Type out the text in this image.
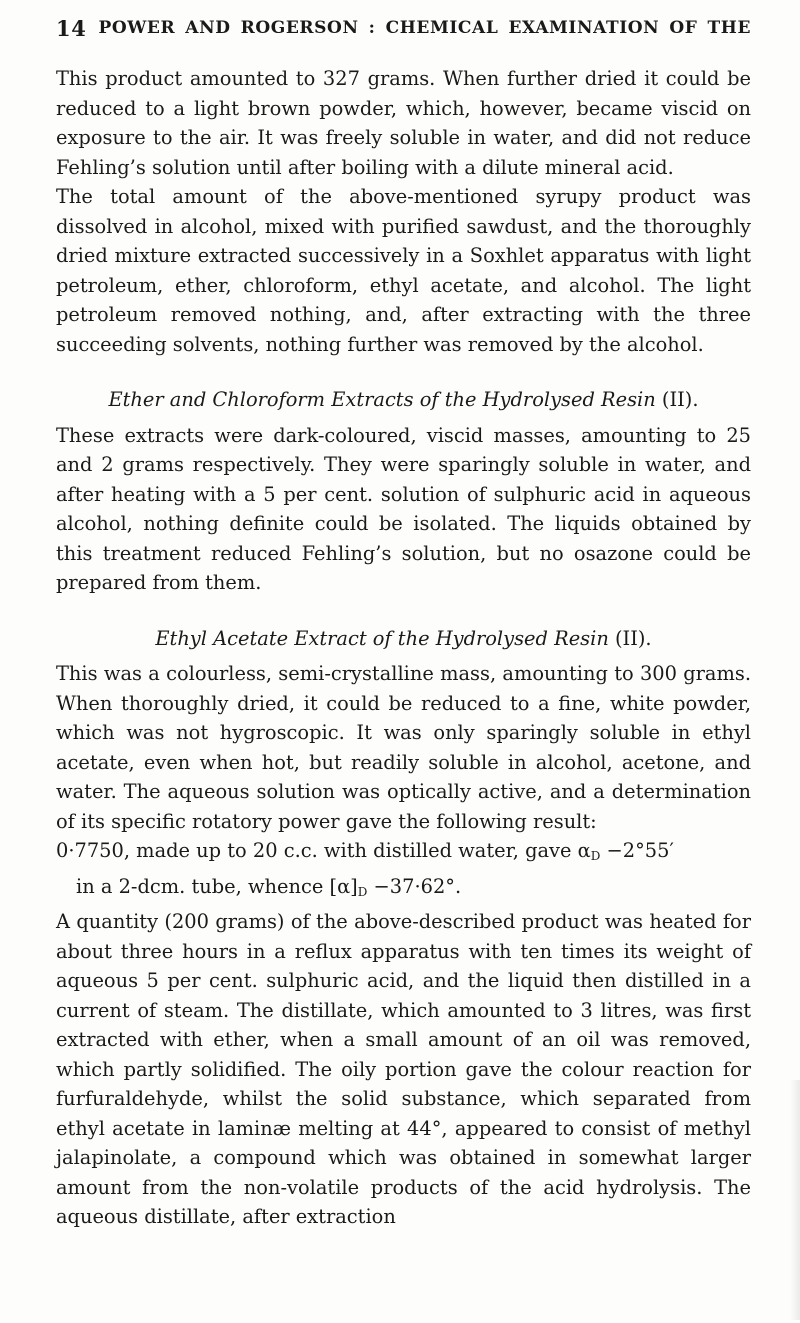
14 POWER AND ROGERSON : CHEMICAL EXAMINATION OF THE

This product amounted to 327 grams. When further dried it could be reduced to a light brown powder, which, however, became viscid on exposure to the air. It was freely soluble in water, and did not reduce Fehling’s solution until after boiling with a dilute mineral acid.

The total amount of the above-mentioned syrupy product was dissolved in alcohol, mixed with purified sawdust, and the thoroughly dried mixture extracted successively in a Soxhlet apparatus with light petroleum, ether, chloroform, ethyl acetate, and alcohol. The light petroleum removed nothing, and, after extracting with the three succeeding solvents, nothing further was removed by the alcohol.

Ether and Chloroform Extracts of the Hydrolysed Resin (II).

These extracts were dark-coloured, viscid masses, amounting to 25 and 2 grams respectively. They were sparingly soluble in water, and after heating with a 5 per cent. solution of sulphuric acid in aqueous alcohol, nothing definite could be isolated. The liquids obtained by this treatment reduced Fehling’s solution, but no osazone could be prepared from them.

Ethyl Acetate Extract of the Hydrolysed Resin (II).

This was a colourless, semi-crystalline mass, amounting to 300 grams. When thoroughly dried, it could be reduced to a fine, white powder, which was not hygroscopic. It was only sparingly soluble in ethyl acetate, even when hot, but readily soluble in alcohol, acetone, and water. The aqueous solution was optically active, and a determination of its specific rotatory power gave the following result:

0·7750, made up to 20 c.c. with distilled water, gave $\alpha_D -2^\circ 55'$

in a 2-dcm. tube, whence $[\alpha]_D -37\cdot 62^\circ$.

A quantity (200 grams) of the above-described product was heated for about three hours in a reflux apparatus with ten times its weight of aqueous 5 per cent. sulphuric acid, and the liquid then distilled in a current of steam. The distillate, which amounted to 3 litres, was first extracted with ether, when a small amount of an oil was removed, which partly solidified. The oily portion gave the colour reaction for furfuraldehyde, whilst the solid substance, which separated from ethyl acetate in laminæ melting at 44°, appeared to consist of methyl jalapinolate, a compound which was obtained in somewhat larger amount from the non-volatile products of the acid hydrolysis. The aqueous distillate, after extraction
